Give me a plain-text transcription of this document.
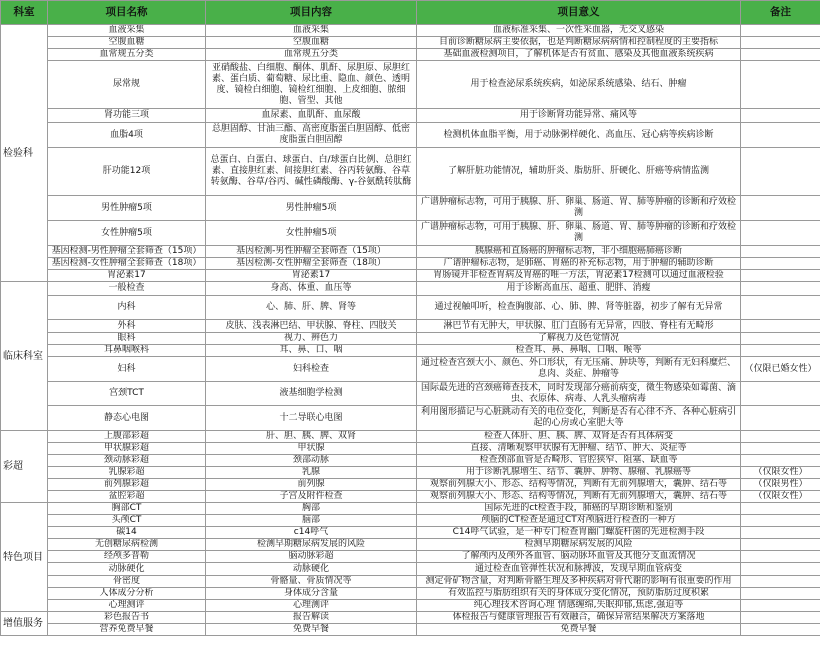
科室	项目名称	项目内容	项目意义	备注
检验科	血液采集	血液采集	血液标准采集、一次性采血器，无交叉感染	
	空腹血糖	空腹血糖	目前诊断糖尿病主要依据，也是判断糖尿病病情和控制程度的主要指标	
	血常规五分类	血常规五分类	基础血液检测项目，了解机体是否有贫血、感染及其他血液系统疾病	
	尿常规	亚硝酸盐、白细胞、酮体、肌酐、尿胆原、尿胆红素、蛋白质、葡萄糖、尿比重、隐血、颜色、透明度、镜检白细胞、镜检红细胞、上皮细胞、脓细胞、管型、其他	用于检查泌尿系统疾病，如泌尿系统感染、结石、肿瘤	
	肾功能三项	血尿素、血肌酐、血尿酸	用于诊断肾功能异常、痛风等	
	血脂4项	总胆固醇、甘油三酯、高密度脂蛋白胆固醇、低密度脂蛋白胆固醇	检测机体血脂平衡，用于动脉粥样硬化、高血压、冠心病等疾病诊断	
	肝功能12项	总蛋白、白蛋白、球蛋白、白/球蛋白比例、总胆红素、直接胆红素、间接胆红素、谷丙转氨酶、谷草转氨酶、谷草/谷丙、碱性磷酸酶、γ-谷氨酰转肽酶	了解肝脏功能情况，辅助肝炎、脂肪肝、肝硬化、肝癌等病情监测	
	男性肿瘤5项	男性肿瘤5项	广谱肿瘤标志物，可用于胰腺、肝、卵巢、肠道、胃、肺等肿瘤的诊断和疗效检测	
	女性肿瘤5项	女性肿瘤5项	广谱肿瘤标志物，可用于胰腺、肝、卵巢、肠道、胃、肺等肿瘤的诊断和疗效检测	
	基因检测-男性肿瘤全套筛查（15项）	基因检测-男性肿瘤全套筛查（15项）	胰腺癌和直肠癌的肿瘤标志物，非小细胞癌肺癌诊断	
	基因检测-女性肿瘤全套筛查（18项）	基因检测-女性肿瘤全套筛查（18项）	广谱肿瘤标志物，是肺癌、胃癌的补充标志物，用于肿瘤的辅助诊断	
	胃泌素17	胃泌素17	胃肠镜并非检查胃病及胃癌的唯一方法，胃泌素17检测可以通过血液检验	
临床科室	一般检查	身高、体重、血压等	用于诊断高血压、超重、肥胖、消瘦	
	内科	心、肺、肝、脾、肾等	通过视触叩听，检查胸腹部、心、肺、脾、肾等脏器，初步了解有无异常	
	外科	皮肤、浅表淋巴结、甲状腺、脊柱、四肢关	淋巴节有无肿大，甲状腺、肛门直肠有无异常，四肢、脊柱有无畸形	
	眼科	视力、辨色力	了解视力及色觉情况	
	耳鼻咽喉科	耳、鼻、口、咽	检查耳、鼻、鼻咽、口咽、喉等	
	妇科	妇科检查	通过检查宫颈大小、颜色、外口形状，有无压痛、肿块等，判断有无妇科糜烂、息肉、炎症、肿瘤等	（仅限已婚女性）
	宫颈TCT	液基细胞学检测	国际最先进的宫颈癌筛查技术，同时发现部分癌前病变，微生物感染如霉菌、滴虫、衣原体、病毒、人乳头瘤病毒	
	静态心电图	十二导联心电图	利用图形描记与心脏跳动有关的电位变化，判断是否有心律不齐、各种心脏病引起的心房或心室肥大等	
彩超	上腹部彩超	肝、胆、胰、脾、双肾	检查人体肝、胆、胰、脾、双肾是否有具体病变	
	甲状腺彩超	甲状腺	直接、清晰观察甲状腺有无肿瘤、结节、肿大、炎症等	
	颈动脉彩超	颈部动脉	检查颈部血管是否畸形、官腔狭窄、阻塞、缺血等	
	乳腺彩超	乳腺	用于诊断乳腺增生、结节、囊肿、肿物、腺瘤、乳腺癌等	（仅限女性）
	前列腺彩超	前列腺	观察前列腺大小、形态、结构等情况，判断有无前列腺增大，囊肿、结石等	（仅限男性）
	盆腔彩超	子宫及附件检查	观察前列腺大小、形态、结构等情况，判断有无前列腺增大，囊肿、结石等	（仅限女性）
特色项目	胸部CT	胸部	国际先进的ct检查手段，肺癌的早期诊断和鉴别	
	头颅CT	脑部	颅脑的CT检查是通过CT对颅脑进行检查的一种方	
	碳14	c14呼气	C14呼气试验，是一种专门检查胃幽门螺旋杆菌的先进检测手段	
	无创糖尿病检测	检测早期糖尿病发展的风险	检测早期糖尿病发展的风险	
	经颅多普勒	脑动脉彩超	了解颅内及颅外各血管、脑动脉环血管及其他分支血流情况	
	动脉硬化	动脉硬化	通过检查血管弹性状况和脉搏波，发现早期血管病变	
	骨密度	骨骼量、骨质情况等	测定骨矿物含量，对判断骨骼生理及多种疾病对骨代谢的影响有很重要的作用	
	人体成分分析	身体成分含量	有效监控与脂肪组织有关的身体成分变化情况，预防脂肪过度积累	
	心理测评	心理测评	纯心理技术咨询心理 情感缠绵,失眠抑郁,焦虑,强迫等	
增值服务	彩色报告书	报告解读	体检报告与健康管理报告有效融合，确保异常结果解决方案落地	
	营养免费早餐	免费早餐	免费早餐	
